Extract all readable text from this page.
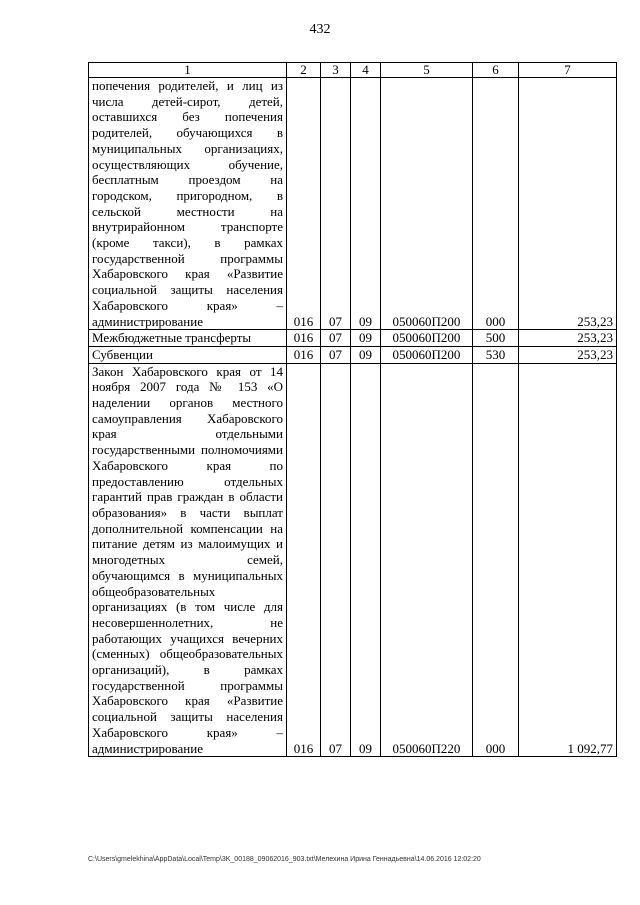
432
1	2	3	4	5	6	7
попечения родителей, и лиц из числа детей-сирот, детей, оставшихся без попечения родителей, обучающихся в муниципальных организациях, осуществляющих обучение, бесплатным проездом на городском, пригородном, в сельской местности на внутрирайонном транспорте (кроме такси), в рамках государственной программы Хабаровского края «Развитие социальной защиты населения Хабаровского края» – администрирование	016	07	09	050060П200	000	253,23
Межбюджетные трансферты	016	07	09	050060П200	500	253,23
Субвенции	016	07	09	050060П200	530	253,23
Закон Хабаровского края от 14 ноября 2007 года № 153 «О наделении органов местного самоуправления Хабаровского края отдельными государственными полномочиями Хабаровского края по предоставлению отдельных гарантий прав граждан в области образования» в части выплат дополнительной компенсации на питание детям из малоимущих и многодетных семей, обучающимся в муниципальных общеобразовательных организациях (в том числе для несовершеннолетних, не работающих учащихся вечерних (сменных) общеобразовательных организаций), в рамках государственной программы Хабаровского края «Развитие социальной защиты населения Хабаровского края» – администрирование	016	07	09	050060П220	000	1 092,77
C:\Users\gmelekhina\AppData\Local\Temp\3K_00188_09062016_903.txt\Мелехина Ирина Геннадьевна\14.06.2016 12:02:20
